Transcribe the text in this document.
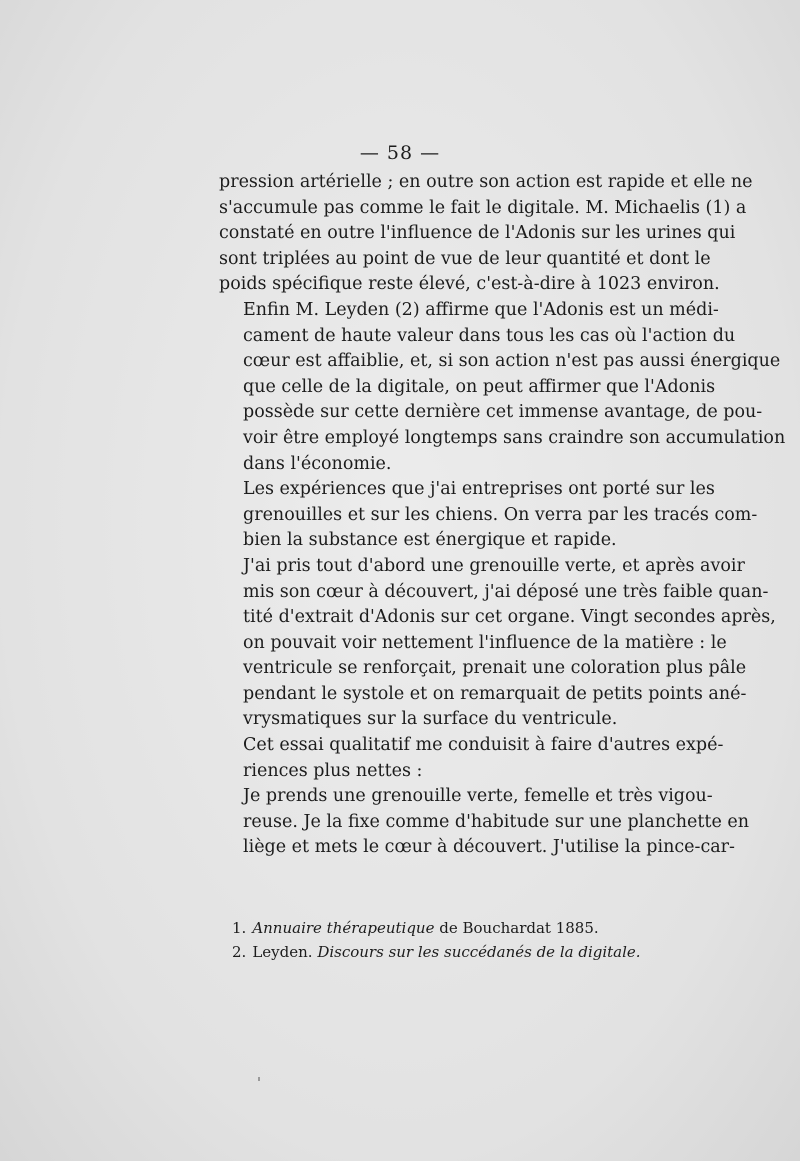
— 58 —

pression artérielle ; en outre son action est rapide et elle ne
s'accumule pas comme le fait le digitale. M. Michaelis (1) a
constaté en outre l'influence de l'Adonis sur les urines qui
sont triplées au point de vue de leur quantité et dont le
poids spécifique reste élevé, c'est-à-dire à 1023 environ.

Enfin M. Leyden (2) affirme que l'Adonis est un médi-
cament de haute valeur dans tous les cas où l'action du
cœur est affaiblie, et, si son action n'est pas aussi énergique
que celle de la digitale, on peut affirmer que l'Adonis
possède sur cette dernière cet immense avantage, de pou-
voir être employé longtemps sans craindre son accumulation
dans l'économie.

Les expériences que j'ai entreprises ont porté sur les
grenouilles et sur les chiens. On verra par les tracés com-
bien la substance est énergique et rapide.

J'ai pris tout d'abord une grenouille verte, et après avoir
mis son cœur à découvert, j'ai déposé une très faible quan-
tité d'extrait d'Adonis sur cet organe. Vingt secondes après,
on pouvait voir nettement l'influence de la matière : le
ventricule se renforçait, prenait une coloration plus pâle
pendant le systole et on remarquait de petits points ané-
vrysmatiques sur la surface du ventricule.

Cet essai qualitatif me conduisit à faire d'autres expé-
riences plus nettes :

Je prends une grenouille verte, femelle et très vigou-
reuse. Je la fixe comme d'habitude sur une planchette en
liège et mets le cœur à découvert. J'utilise la pince-car-

1. Annuaire thérapeutique de Bouchardat 1885.
2. Leyden. Discours sur les succédanés de la digitale.
